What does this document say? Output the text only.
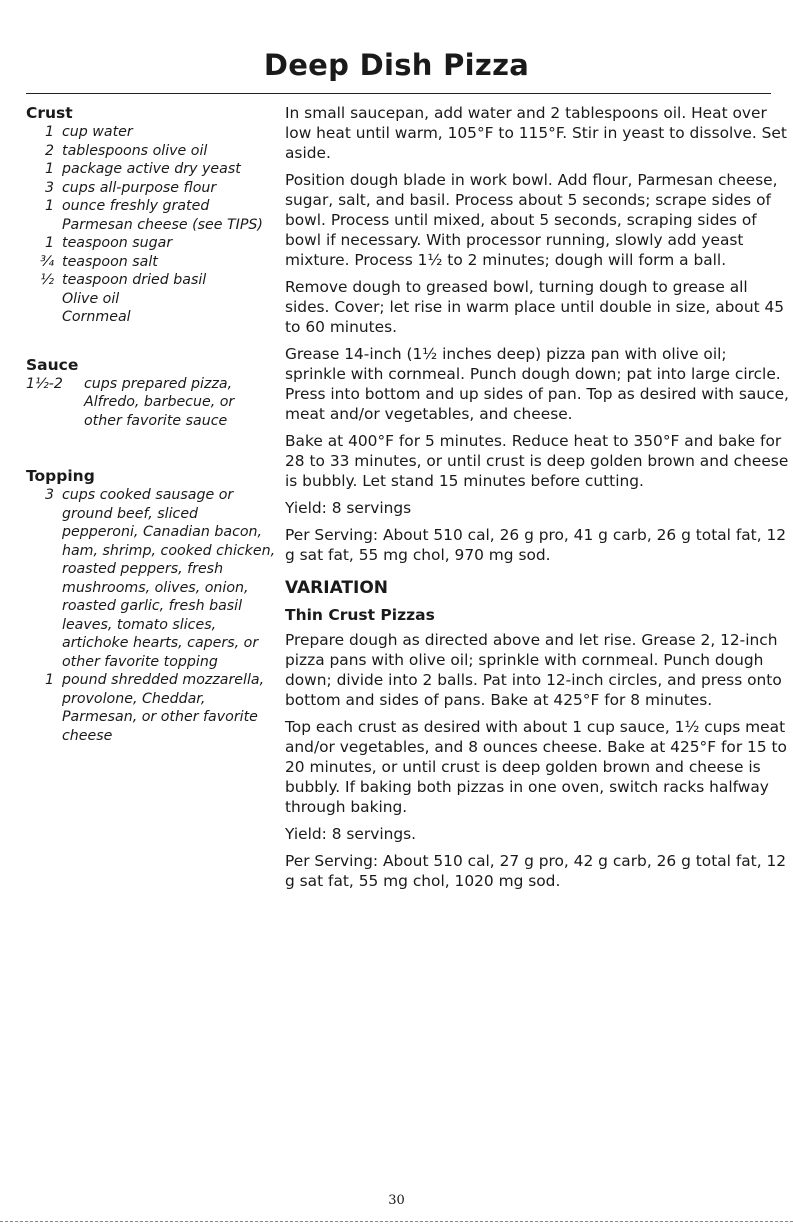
Deep Dish Pizza

Crust

1 cup water
2 tablespoons olive oil
1 package active dry yeast
3 cups all-purpose flour
1 ounce freshly grated Parmesan cheese (see TIPS)
1 teaspoon sugar
¾ teaspoon salt
½ teaspoon dried basil
Olive oil
Cornmeal

Sauce

1½-2	cups prepared pizza, Alfredo, barbecue, or other favorite sauce

Topping

3 cups cooked sausage or ground beef, sliced pepperoni, Canadian bacon, ham, shrimp, cooked chicken, roasted peppers, fresh mushrooms, olives, onion, roasted garlic, fresh basil leaves, tomato slices, artichoke hearts, capers, or other favorite topping
1 pound shredded mozzarella, provolone, Cheddar, Parmesan, or other favorite cheese

In small saucepan, add water and 2 tablespoons oil. Heat over low heat until warm, 105°F to 115°F. Stir in yeast to dissolve. Set aside.

Position dough blade in work bowl. Add flour, Parmesan cheese, sugar, salt, and basil. Process about 5 seconds; scrape sides of bowl. Process until mixed, about 5 seconds, scraping sides of bowl if necessary. With processor running, slowly add yeast mixture. Process 1½ to 2 minutes; dough will form a ball.

Remove dough to greased bowl, turning dough to grease all sides. Cover; let rise in warm place until double in size, about 45 to 60 minutes.

Grease 14-inch (1½ inches deep) pizza pan with olive oil; sprinkle with cornmeal. Punch dough down; pat into large circle. Press into bottom and up sides of pan. Top as desired with sauce, meat and/or vegetables, and cheese.

Bake at 400°F for 5 minutes. Reduce heat to 350°F and bake for 28 to 33 minutes, or until crust is deep golden brown and cheese is bubbly. Let stand 15 minutes before cutting.

Yield: 8 servings

Per Serving: About 510 cal, 26 g pro, 41 g carb, 26 g total fat, 12 g sat fat, 55 mg chol, 970 mg sod.

VARIATION

Thin Crust Pizzas

Prepare dough as directed above and let rise. Grease 2, 12-inch pizza pans with olive oil; sprinkle with cornmeal. Punch dough down; divide into 2 balls. Pat into 12-inch circles, and press onto bottom and sides of pans. Bake at 425°F for 8 minutes.

Top each crust as desired with about 1 cup sauce, 1½ cups meat and/or vegetables, and 8 ounces cheese. Bake at 425°F for 15 to 20 minutes, or until crust is deep golden brown and cheese is bubbly. If baking both pizzas in one oven, switch racks halfway through baking.

Yield: 8 servings.

Per Serving: About 510 cal, 27 g pro, 42 g carb, 26 g total fat, 12 g sat fat, 55 mg chol, 1020 mg sod.

30
